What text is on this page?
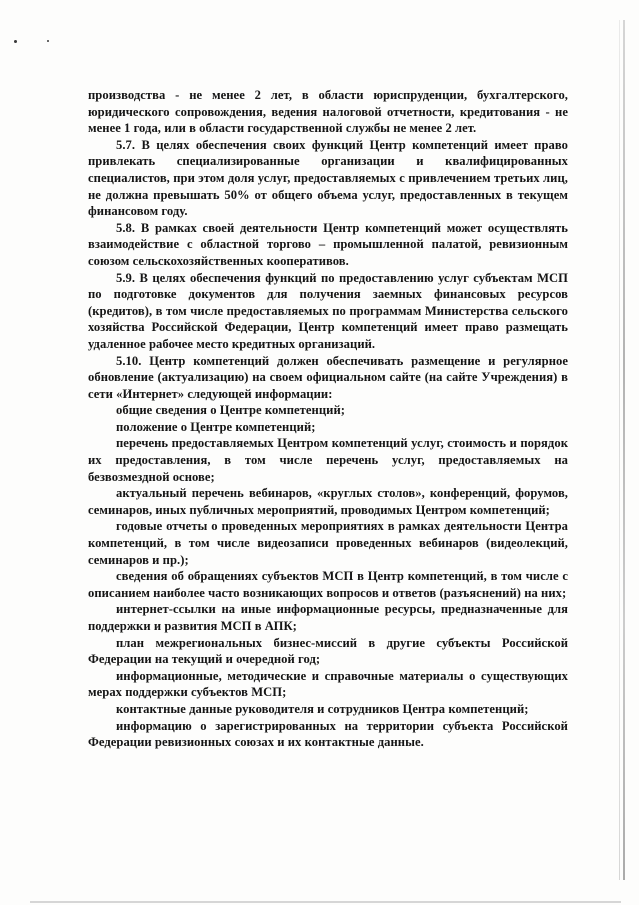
производства - не менее 2 лет, в области юриспруденции, бухгалтерского, юридического сопровождения, ведения налоговой отчетности, кредитования - не менее 1 года, или в области государственной службы не менее 2 лет.

5.7. В целях обеспечения своих функций Центр компетенций имеет право привлекать специализированные организации и квалифицированных специалистов, при этом доля услуг, предоставляемых с привлечением третьих лиц, не должна превышать 50% от общего объема услуг, предоставленных в текущем финансовом году.

5.8. В рамках своей деятельности Центр компетенций может осуществлять взаимодействие с областной торгово – промышленной палатой, ревизионным союзом сельскохозяйственных кооперативов.

5.9. В целях обеспечения функций по предоставлению услуг субъектам МСП по подготовке документов для получения заемных финансовых ресурсов (кредитов), в том числе предоставляемых по программам Министерства сельского хозяйства Российской Федерации, Центр компетенций имеет право размещать удаленное рабочее место кредитных организаций.

5.10. Центр компетенций должен обеспечивать размещение и регулярное обновление (актуализацию) на своем официальном сайте (на сайте Учреждения) в сети «Интернет» следующей информации:

общие сведения о Центре компетенций;

положение о Центре компетенций;

перечень предоставляемых Центром компетенций услуг, стоимость и порядок их предоставления, в том числе перечень услуг, предоставляемых на безвозмездной основе;

актуальный перечень вебинаров, «круглых столов», конференций, форумов, семинаров, иных публичных мероприятий, проводимых Центром компетенций;

годовые отчеты о проведенных мероприятиях в рамках деятельности Центра компетенций, в том числе видеозаписи проведенных вебинаров (видеолекций, семинаров и пр.);

сведения об обращениях субъектов МСП в Центр компетенций, в том числе с описанием наиболее часто возникающих вопросов и ответов (разъяснений) на них;

интернет-ссылки на иные информационные ресурсы, предназначенные для поддержки и развития МСП в АПК;

план межрегиональных бизнес-миссий в другие субъекты Российской Федерации на текущий и очередной год;

информационные, методические и справочные материалы о существующих мерах поддержки субъектов МСП;

контактные данные руководителя и сотрудников Центра компетенций;

информацию о зарегистрированных на территории субъекта Российской Федерации ревизионных союзах и их контактные данные.
